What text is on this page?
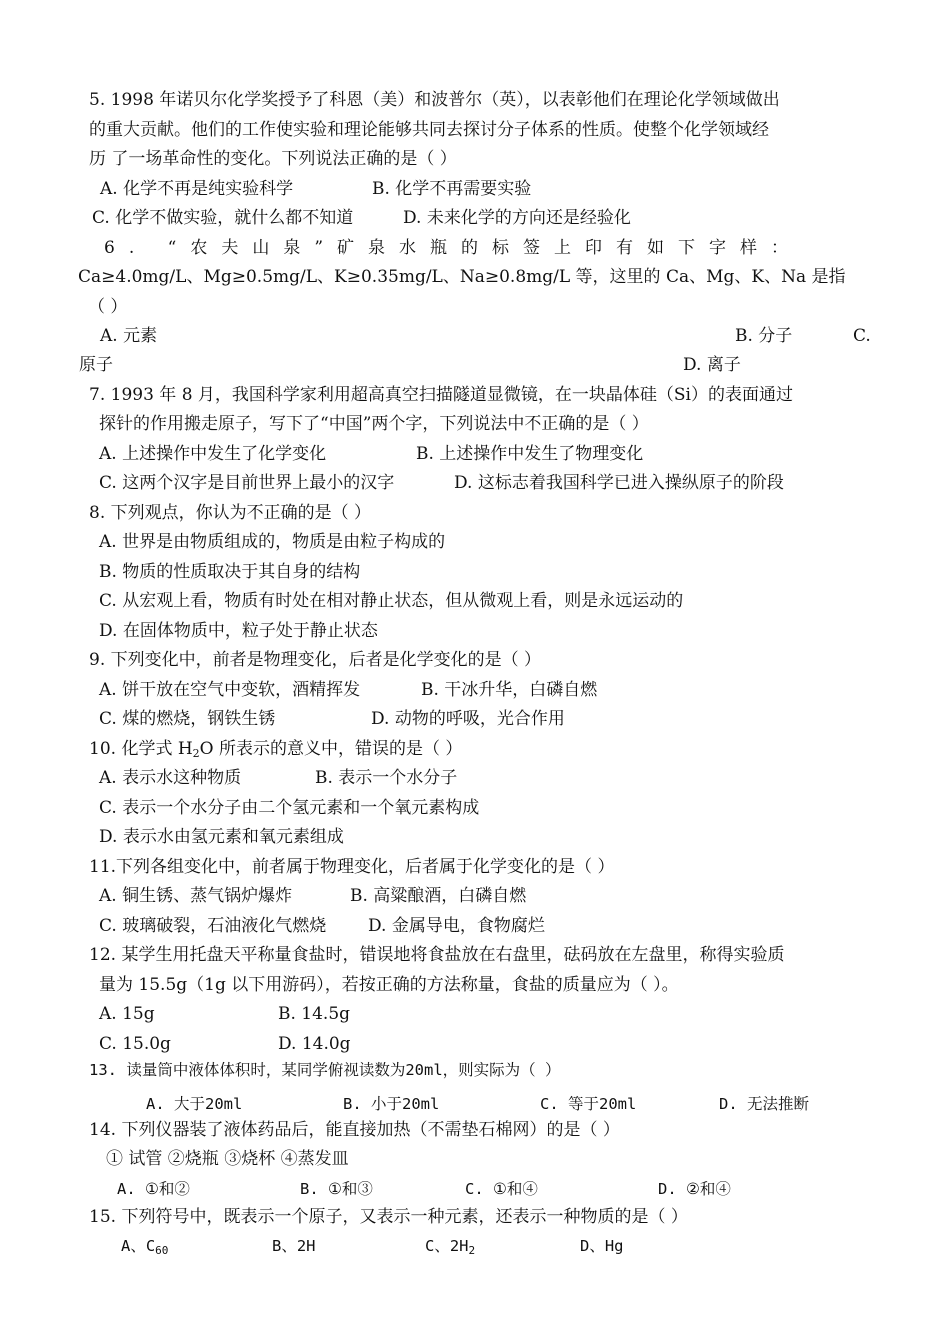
5. 1998 年诺贝尔化学奖授予了科恩（美）和波普尔（英），以表彰他们在理论化学领域做出
的重大贡献。他们的工作使实验和理论能够共同去探讨分子体系的性质。使整个化学领域经
历 了一场革命性的变化。下列说法正确的是（ ）
A. 化学不再是纯实验科学	B. 化学不再需要实验
C. 化学不做实验，就什么都不知道	D. 未来化学的方向还是经验化
6. “农夫山泉”矿泉水瓶的标签上印有如下字样：
Ca≥4.0mg/L、Mg≥0.5mg/L、K≥0.35mg/L、Na≥0.8mg/L 等，这里的 Ca、Mg、K、Na 是指
（ ）
A. 元素	B. 分子	C.
原子	D. 离子
7. 1993 年 8 月，我国科学家利用超高真空扫描隧道显微镜，在一块晶体硅（Si）的表面通过
探针的作用搬走原子，写下了“中国”两个字，下列说法中不正确的是（ ）
A. 上述操作中发生了化学变化	B. 上述操作中发生了物理变化
C. 这两个汉字是目前世界上最小的汉字	D. 这标志着我国科学已进入操纵原子的阶段
8. 下列观点，你认为不正确的是（ ）
A. 世界是由物质组成的，物质是由粒子构成的
B. 物质的性质取决于其自身的结构
C. 从宏观上看，物质有时处在相对静止状态，但从微观上看，则是永远运动的
D. 在固体物质中，粒子处于静止状态
9. 下列变化中，前者是物理变化，后者是化学变化的是（ ）
A. 饼干放在空气中变软，酒精挥发	B. 干冰升华，白磷自燃
C. 煤的燃烧，钢铁生锈	D. 动物的呼吸，光合作用
10. 化学式 $H_2O$ 所表示的意义中，错误的是（ ）
A. 表示水这种物质	B. 表示一个水分子
C. 表示一个水分子由二个氢元素和一个氧元素构成
D. 表示水由氢元素和氧元素组成
11.下列各组变化中，前者属于物理变化，后者属于化学变化的是（ ）
A. 铜生锈、蒸气锅炉爆炸	B. 高粱酿酒，白磷自燃
C. 玻璃破裂，石油液化气燃烧 D. 金属导电，食物腐烂
12. 某学生用托盘天平称量食盐时，错误地将食盐放在右盘里，砝码放在左盘里，称得实验质
量为 15.5g（1g 以下用游码），若按正确的方法称量，食盐的质量应为（ ）。
A. 15g	B. 14.5g
C. 15.0g	D. 14.0g
13. 读量筒中液体体积时，某同学俯视读数为20ml，则实际为（ ）
A. 大于20ml	B. 小于20ml	C. 等于20ml	D. 无法推断
14. 下列仪器装了液体药品后，能直接加热（不需垫石棉网）的是（ ）
① 试管 ②烧瓶 ③烧杯 ④蒸发皿
A. ①和②	B. ①和③	C. ①和④	D. ②和④
15. 下列符号中，既表示一个原子，又表示一种元素，还表示一种物质的是（ ）
A、$C_{60}$	B、2H	C、$2H_2$	D、Hg
